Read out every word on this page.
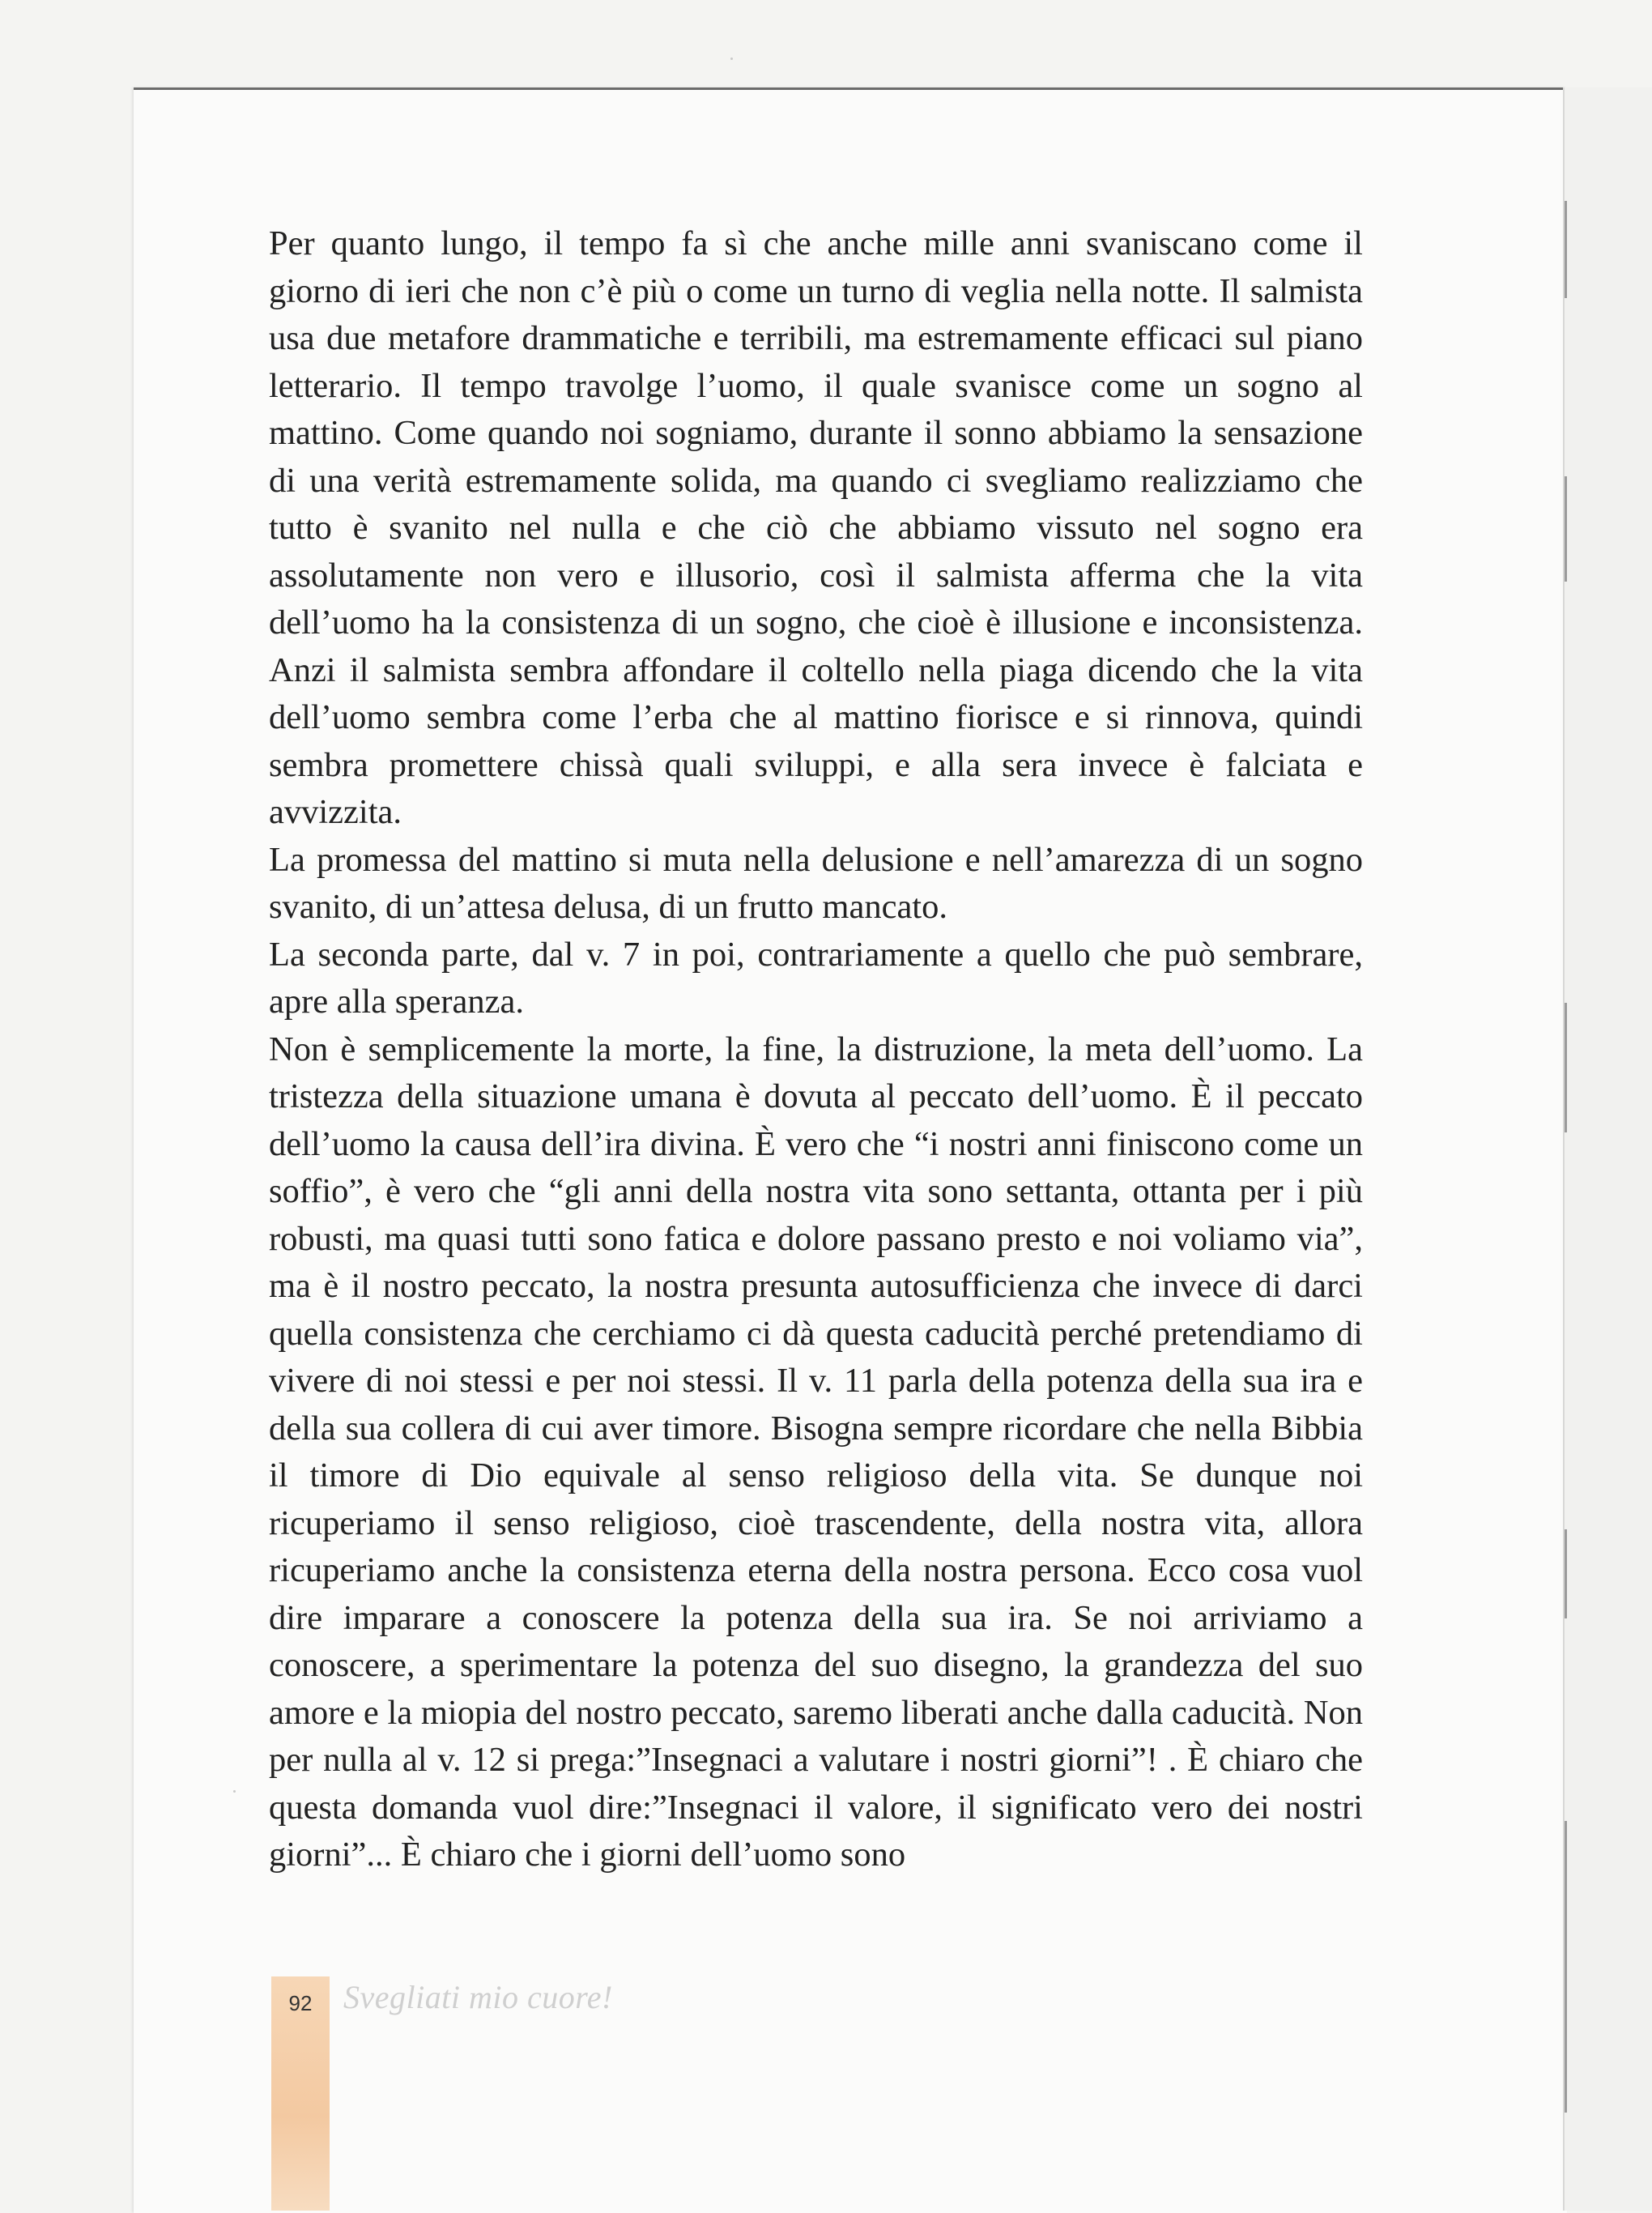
Per quanto lungo, il tempo fa sì che anche mille anni svaniscano come il giorno di ieri che non c’è più o come un turno di veglia nella notte. Il salmista usa due metafore drammatiche e terribili, ma estremamente efficaci sul piano letterario. Il tempo travolge l’uomo, il quale svanisce come un sogno al mattino. Come quando noi sogniamo, durante il sonno abbiamo la sensazione di una verità estremamente solida, ma quando ci svegliamo realizziamo che tutto è svanito nel nulla e che ciò che abbiamo vissuto nel sogno era assolutamente non vero e illusorio, così il salmista afferma che la vita dell’uomo ha la consistenza di un sogno, che cioè è illusione e inconsistenza. Anzi il salmista sembra affondare il coltello nella piaga dicendo che la vita dell’uomo sembra come l’erba che al mattino fiorisce e si rinnova, quindi sembra promettere chissà quali sviluppi, e alla sera invece è falciata e avvizzita.

La promessa del mattino si muta nella delusione e nell’amarezza di un sogno svanito, di un’attesa delusa, di un frutto mancato.

La seconda parte, dal v. 7 in poi, contrariamente a quello che può sembrare, apre alla speranza.

Non è semplicemente la morte, la fine, la distruzione, la meta dell’uomo. La tristezza della situazione umana è dovuta al peccato dell’uomo. È il peccato dell’uomo la causa dell’ira divina. È vero che “i nostri anni finiscono come un soffio”, è vero che “gli anni della nostra vita sono settanta, ottanta per i più robusti, ma quasi tutti sono fatica e dolore passano presto e noi voliamo via”, ma è il nostro peccato, la nostra presunta autosufficienza che invece di darci quella consistenza che cerchiamo ci dà questa caducità perché pretendiamo di vivere di noi stessi e per noi stessi. Il v. 11 parla della potenza della sua ira e della sua collera di cui aver timore. Bisogna sempre ricordare che nella Bibbia il timore di Dio equivale al senso religioso della vita. Se dunque noi ricuperiamo il senso religioso, cioè trascendente, della nostra vita, allora ricuperiamo anche la consistenza eterna della nostra persona. Ecco cosa vuol dire imparare a conoscere la potenza della sua ira. Se noi arriviamo a conoscere, a sperimentare la potenza del suo disegno, la grandezza del suo amore e la miopia del nostro peccato, saremo liberati anche dalla caducità. Non per nulla al v. 12 si prega:”Insegnaci a valutare i nostri giorni”! . È chiaro che questa domanda vuol dire:”Insegnaci il valore, il significato vero dei nostri giorni”... È chiaro che i giorni dell’uomo sono

92 Svegliati mio cuore!
